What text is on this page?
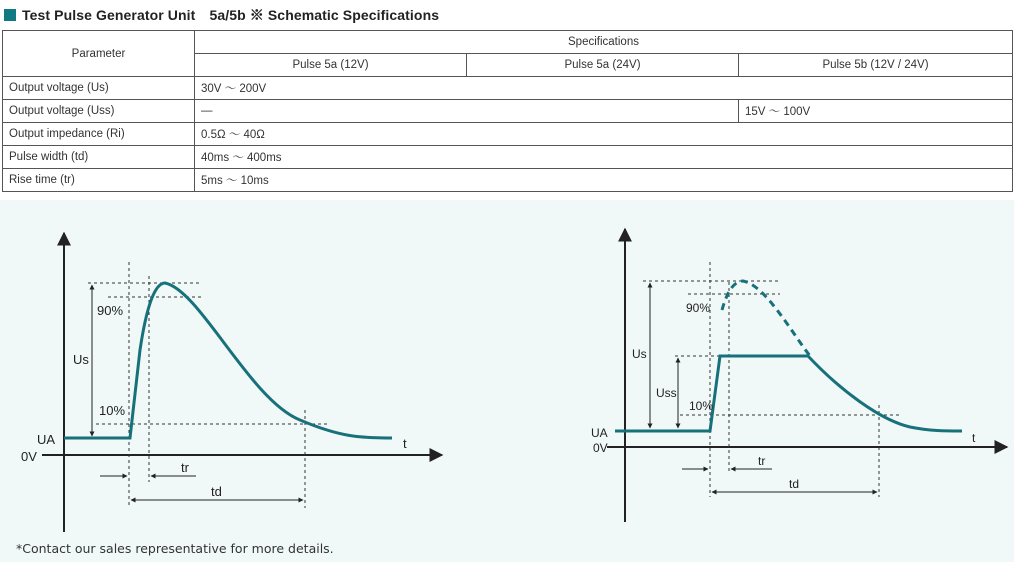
Test Pulse Generator Unit　5a/5b ※ Schematic Specifications
Parameter	Specifications		
	Pulse 5a (12V)	Pulse 5a (24V)	Pulse 5b (12V / 24V)
Output voltage (Us)	30V ～ 200V		
Output voltage (Uss)	—		15V ～ 100V
Output impedance (Ri)	0.5Ω ～ 40Ω		
Pulse width (td)	40ms ～ 400ms		
Rise time (tr)	5ms ～ 10ms		
90%
Us
10%
UA
0V
t
tr
td
90%
Us
Uss
10%
UA
0V
t
tr
td
*Contact our sales representative for more details.
